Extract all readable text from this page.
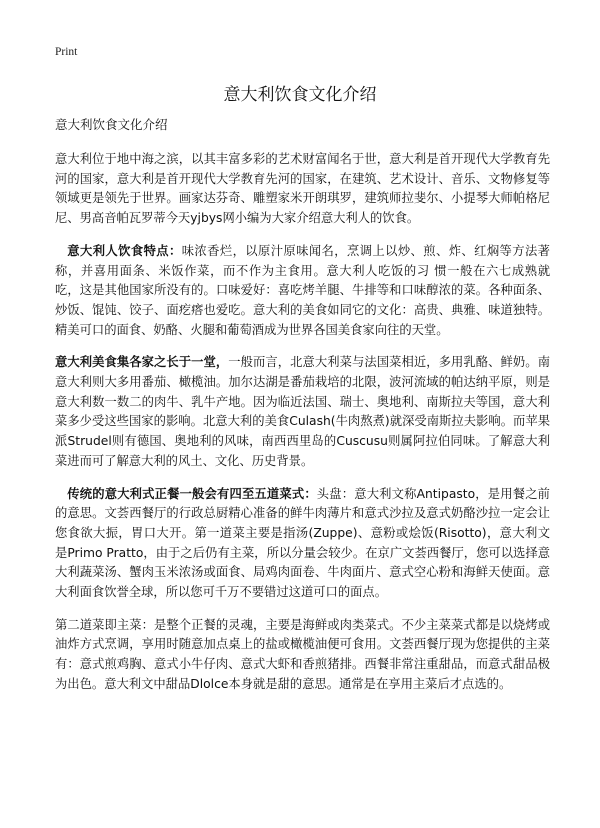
Print
意大利饮食文化介绍
意大利饮食文化介绍

意大利位于地中海之滨，以其丰富多彩的艺术财富闻名于世，意大利是首开现代大学教育先河的国家，意大利是首开现代大学教育先河的国家，在建筑、艺术设计、音乐、文物修复等领域更是领先于世界。画家达芬奇、雕塑家米开朗琪罗，建筑师拉斐尔、小提琴大师帕格尼尼、男高音帕瓦罗蒂今天yjbys网小编为大家介绍意大利人的饮食。

意大利人饮食特点：味浓香烂，以原汁原味闻名，烹调上以炒、煎、炸、红焖等方法著称，并喜用面条、米饭作菜，而不作为主食用。意大利人吃饭的习 惯一般在六七成熟就吃，这是其他国家所没有的。口味爱好：喜吃烤羊腿、牛排等和口味醇浓的菜。各种面条、炒饭、馄饨、饺子、面疙瘩也爱吃。意大利的美食如同它的文化：高贵、典雅、味道独特。精美可口的面食、奶酪、火腿和葡萄酒成为世界各国美食家向往的天堂。

意大利美食集各家之长于一堂，一般而言，北意大利菜与法国菜相近，多用乳酪、鲜奶。南意大利则大多用番茄、橄榄油。加尔达湖是番茄栽培的北限，波河流域的帕达纳平原，则是意大利数一数二的肉牛、乳牛产地。因为临近法国、瑞士、奥地利、南斯拉夫等国，意大利菜多少受这些国家的影响。北意大利的美食Culash(牛肉熬煮)就深受南斯拉夫影响。而苹果派Strudel则有德国、奥地利的风味，南西西里岛的Cuscusu则属阿拉伯同味。了解意大利菜进而可了解意大利的风土、文化、历史背景。

传统的意大利式正餐一般会有四至五道菜式：头盘：意大利文称Antipasto，是用餐之前的意思。文荟西餐厅的行政总厨精心准备的鲜牛肉薄片和意式沙拉及意式奶酪沙拉一定会让您食欲大振，胃口大开。第一道菜主要是指汤(Zuppe)、意粉或烩饭(Risotto)，意大利文是Primo Pratto，由于之后仍有主菜，所以分量会较少。在京广文荟西餐厅，您可以选择意大利蔬菜汤、蟹肉玉米浓汤或面食、局鸡肉面卷、牛肉面片、意式空心粉和海鲜天使面。意大利面食饮誉全球，所以您可千万不要错过这道可口的面点。

第二道菜即主菜：是整个正餐的灵魂，主要是海鲜或肉类菜式。不少主菜菜式都是以烧烤或油炸方式烹调，享用时随意加点桌上的盐或橄榄油便可食用。文荟西餐厅现为您提供的主菜有：意式煎鸡胸、意式小牛仔肉、意式大虾和香煎猪排。西餐非常注重甜品，而意式甜品极为出色。意大利文中甜品Dlolce本身就是甜的意思。通常是在享用主菜后才点选的。
